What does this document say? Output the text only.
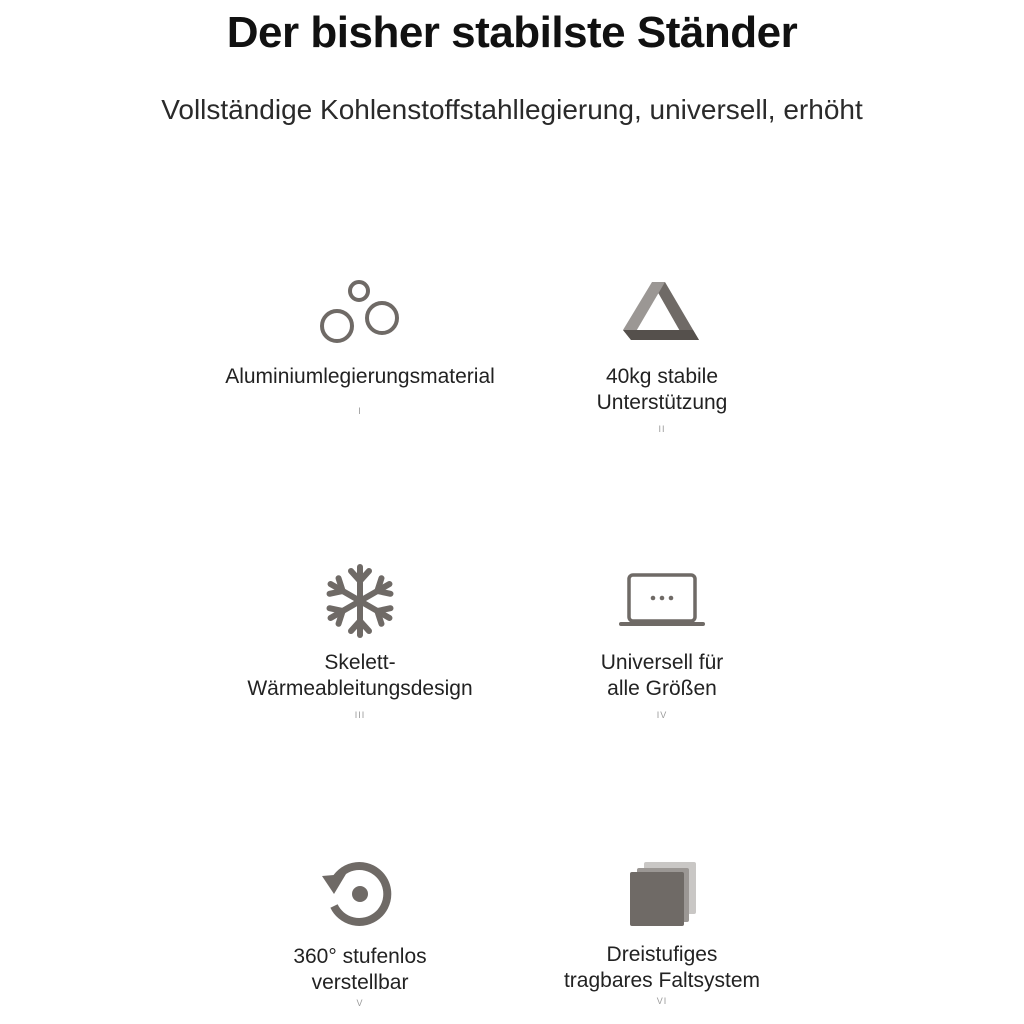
Der bisher stabilste Ständer
Vollständige Kohlenstoffstahllegierung, universell, erhöht
Aluminiumlegierungsmaterial
I
40kg stabile
Unterstützung
II
Skelett-
Wärmeableitungsdesign
III
Universell für
alle Größen
IV
360° stufenlos
verstellbar
V
Dreistufiges
tragbares Faltsystem
VI
